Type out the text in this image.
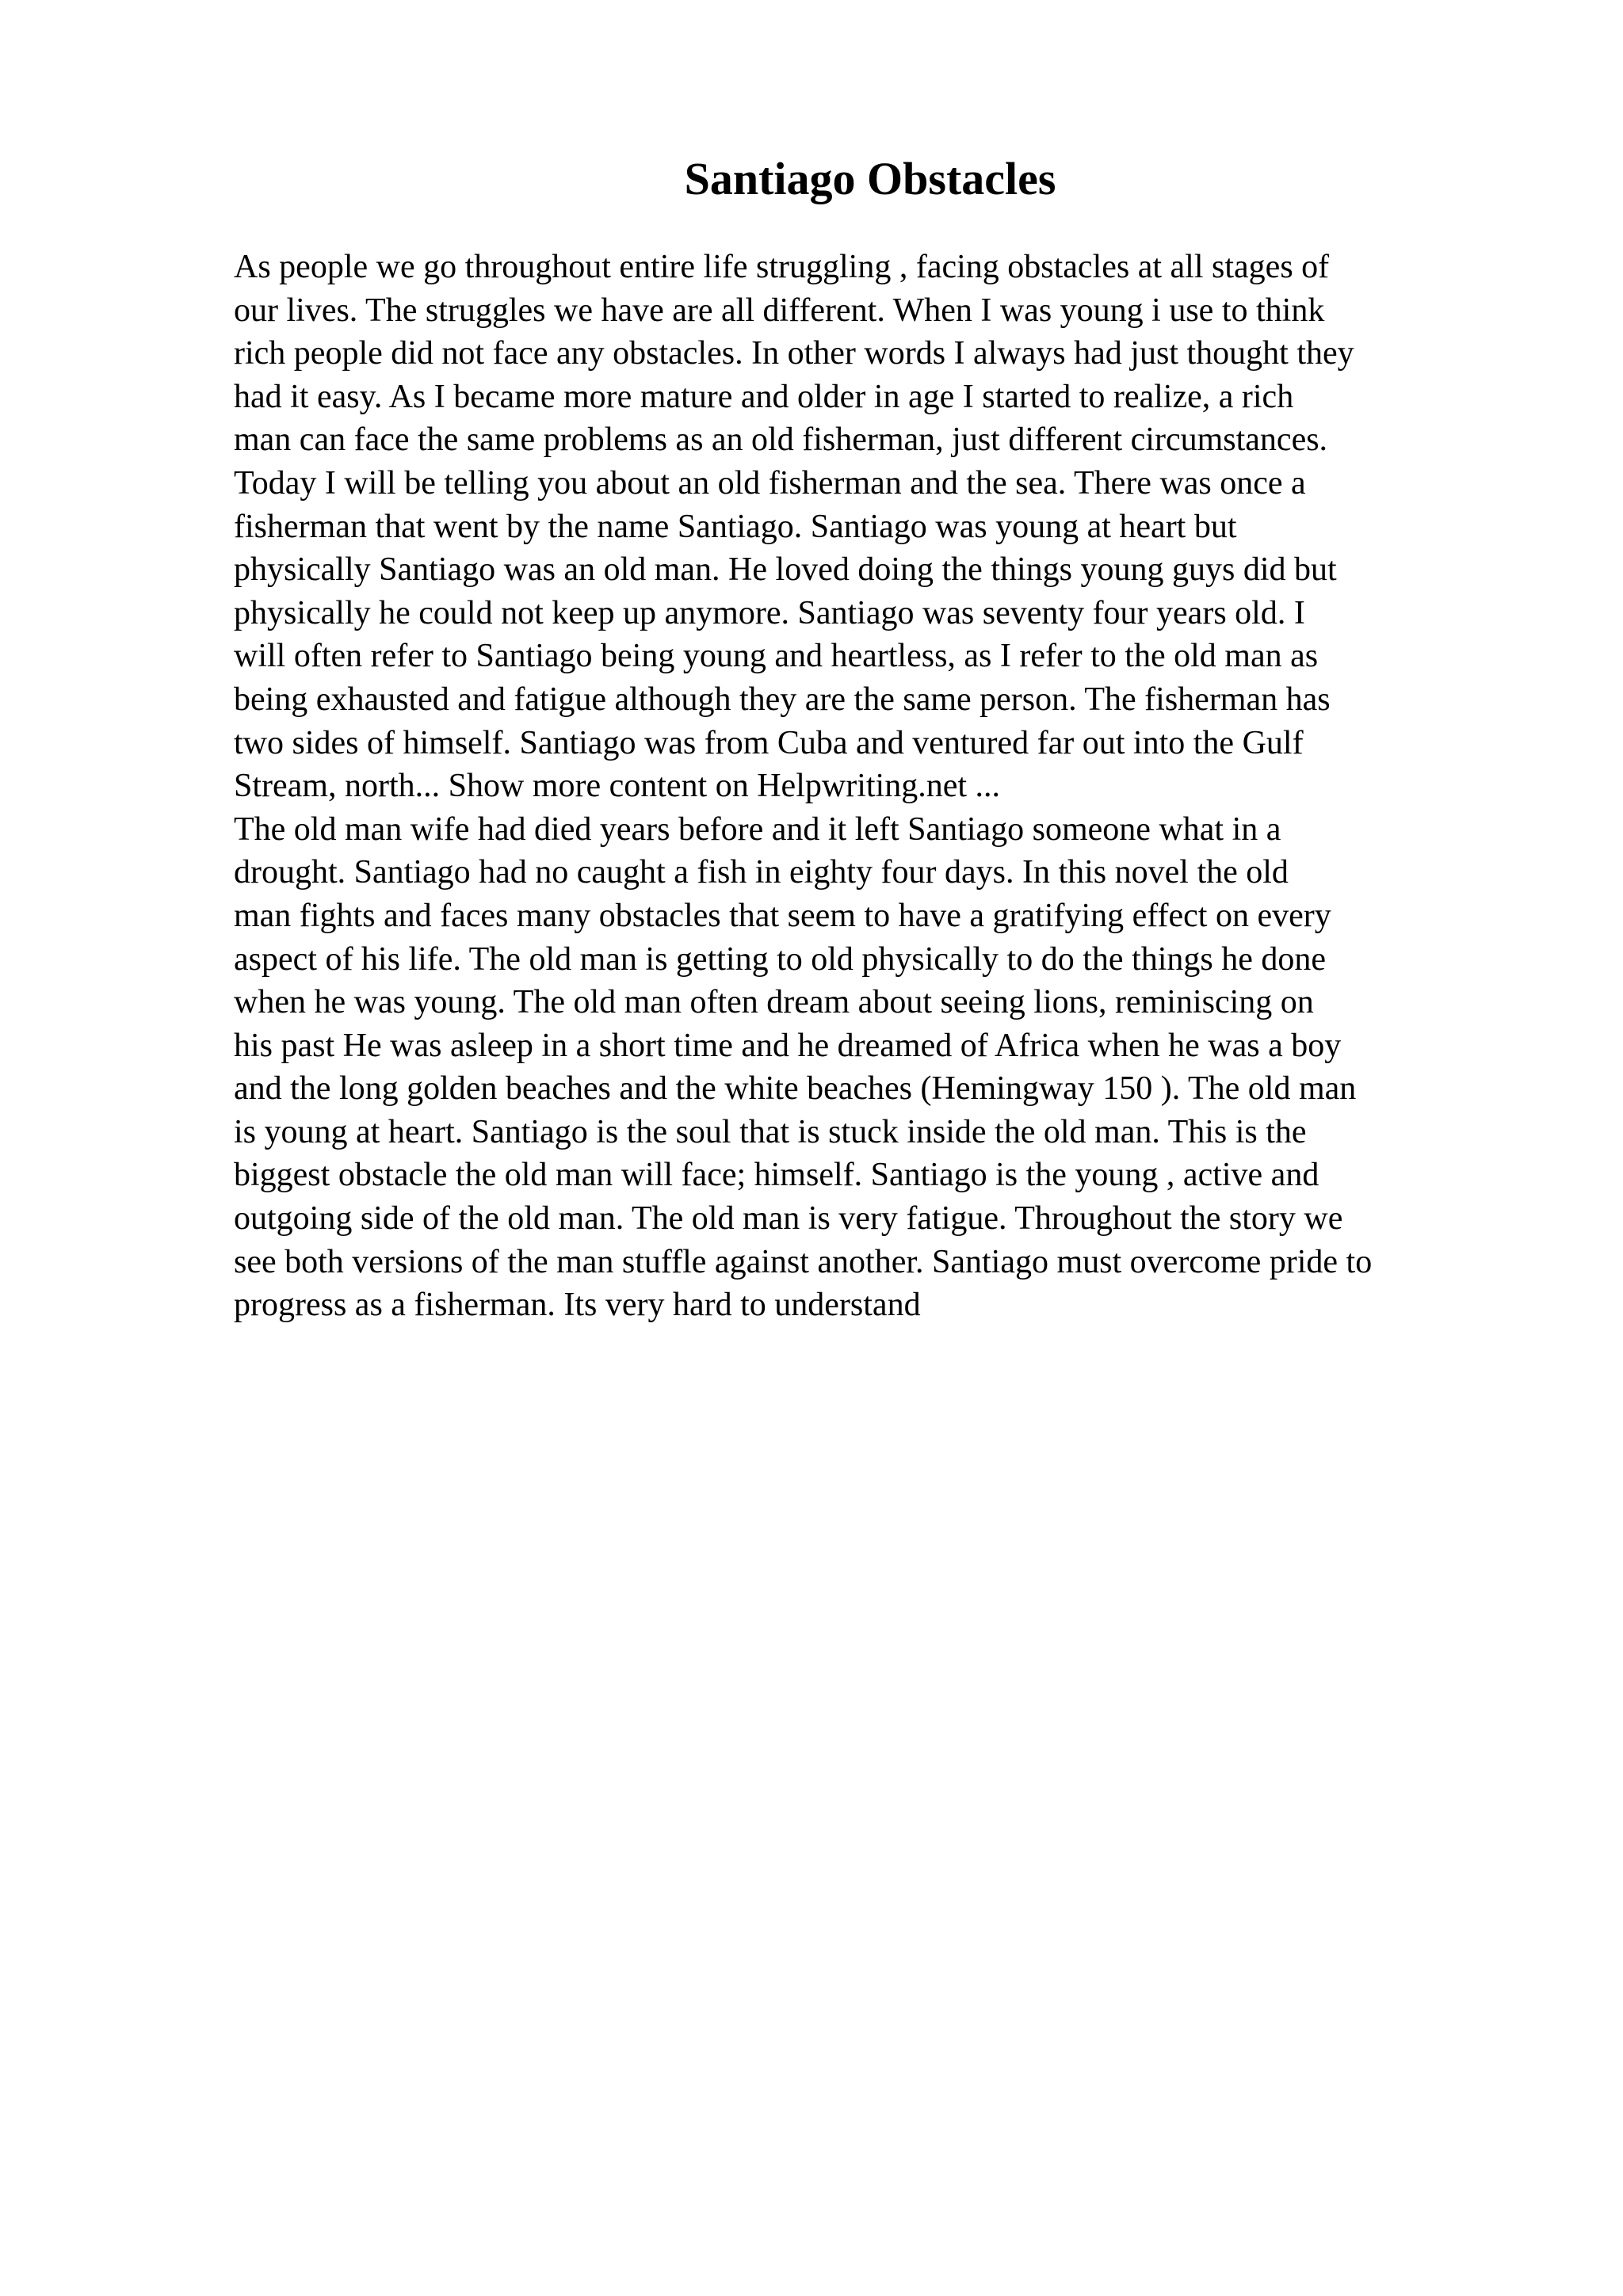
Santiago Obstacles
As people we go throughout entire life struggling , facing obstacles at all stages of
our lives. The struggles we have are all different. When I was young i use to think
rich people did not face any obstacles. In other words I always had just thought they
had it easy. As I became more mature and older in age I started to realize, a rich
man can face the same problems as an old fisherman, just different circumstances.
Today I will be telling you about an old fisherman and the sea. There was once a
fisherman that went by the name Santiago. Santiago was young at heart but
physically Santiago was an old man. He loved doing the things young guys did but
physically he could not keep up anymore. Santiago was seventy four years old. I
will often refer to Santiago being young and heartless, as I refer to the old man as
being exhausted and fatigue although they are the same person. The fisherman has
two sides of himself. Santiago was from Cuba and ventured far out into the Gulf
Stream, north... Show more content on Helpwriting.net ...
The old man wife had died years before and it left Santiago someone what in a
drought. Santiago had no caught a fish in eighty four days. In this novel the old
man fights and faces many obstacles that seem to have a gratifying effect on every
aspect of his life. The old man is getting to old physically to do the things he done
when he was young. The old man often dream about seeing lions, reminiscing on
his past He was asleep in a short time and he dreamed of Africa when he was a boy
and the long golden beaches and the white beaches (Hemingway 150 ). The old man
is young at heart. Santiago is the soul that is stuck inside the old man. This is the
biggest obstacle the old man will face; himself. Santiago is the young , active and
outgoing side of the old man. The old man is very fatigue. Throughout the story we
see both versions of the man stuffle against another. Santiago must overcome pride to
progress as a fisherman. Its very hard to understand
